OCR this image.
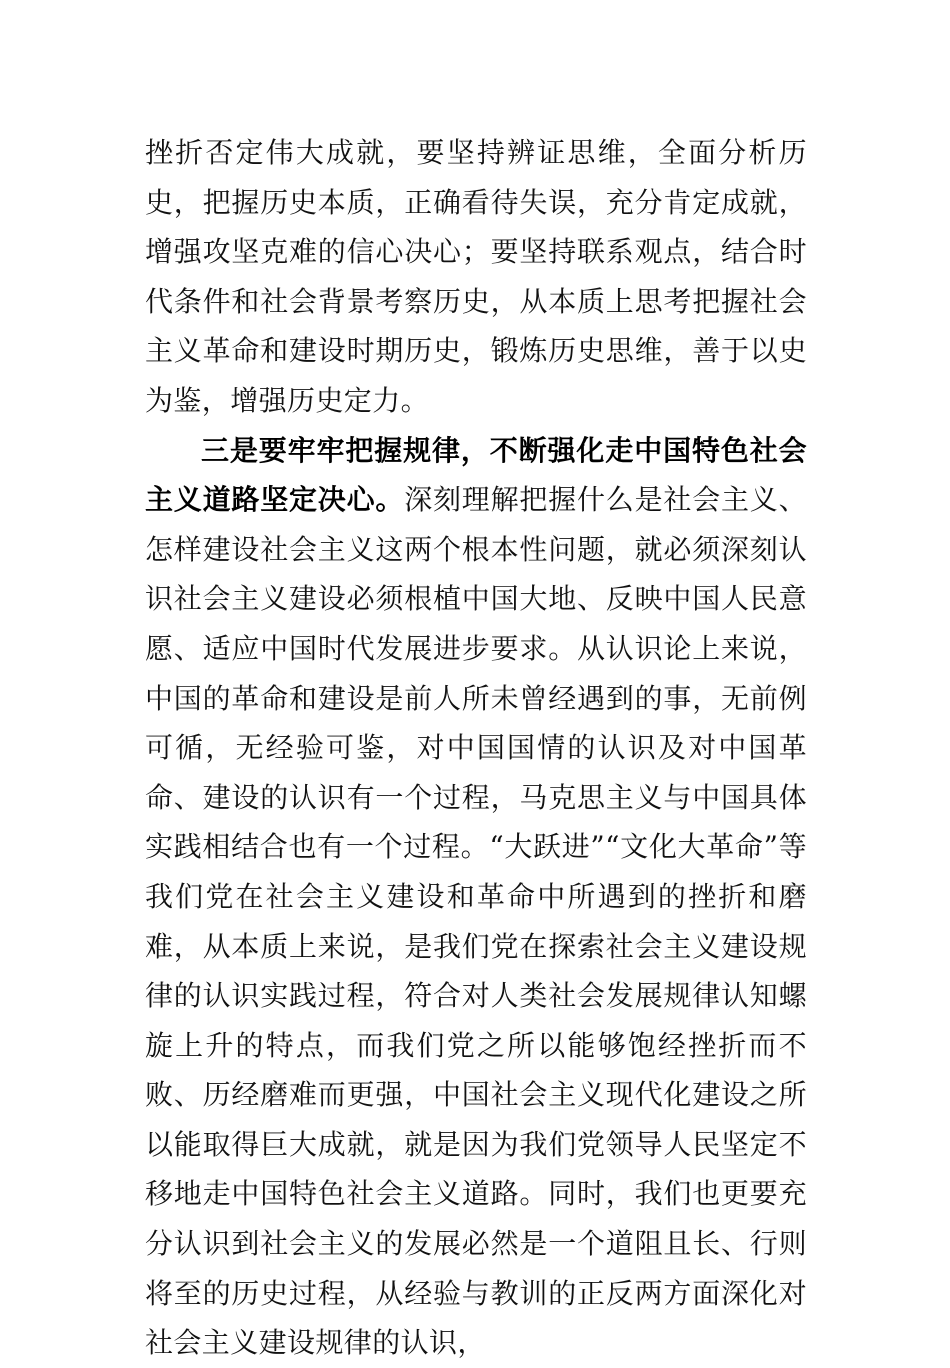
挫折否定伟大成就，要坚持辨证思维，全面分析历史，把握历史本质，正确看待失误，充分肯定成就，增强攻坚克难的信心决心；要坚持联系观点，结合时代条件和社会背景考察历史，从本质上思考把握社会主义革命和建设时期历史，锻炼历史思维，善于以史为鉴，增强历史定力。

三是要牢牢把握规律，不断强化走中国特色社会主义道路坚定决心。深刻理解把握什么是社会主义、怎样建设社会主义这两个根本性问题，就必须深刻认识社会主义建设必须根植中国大地、反映中国人民意愿、适应中国时代发展进步要求。从认识论上来说，中国的革命和建设是前人所未曾经遇到的事，无前例可循，无经验可鉴，对中国国情的认识及对中国革命、建设的认识有一个过程，马克思主义与中国具体实践相结合也有一个过程。“大跃进”“文化大革命”等我们党在社会主义建设和革命中所遇到的挫折和磨难，从本质上来说，是我们党在探索社会主义建设规律的认识实践过程，符合对人类社会发展规律认知螺旋上升的特点，而我们党之所以能够饱经挫折而不败、历经磨难而更强，中国社会主义现代化建设之所以能取得巨大成就，就是因为我们党领导人民坚定不移地走中国特色社会主义道路。同时，我们也更要充分认识到社会主义的发展必然是一个道阻且长、行则将至的历史过程，从经验与教训的正反两方面深化对社会主义建设规律的认识，
